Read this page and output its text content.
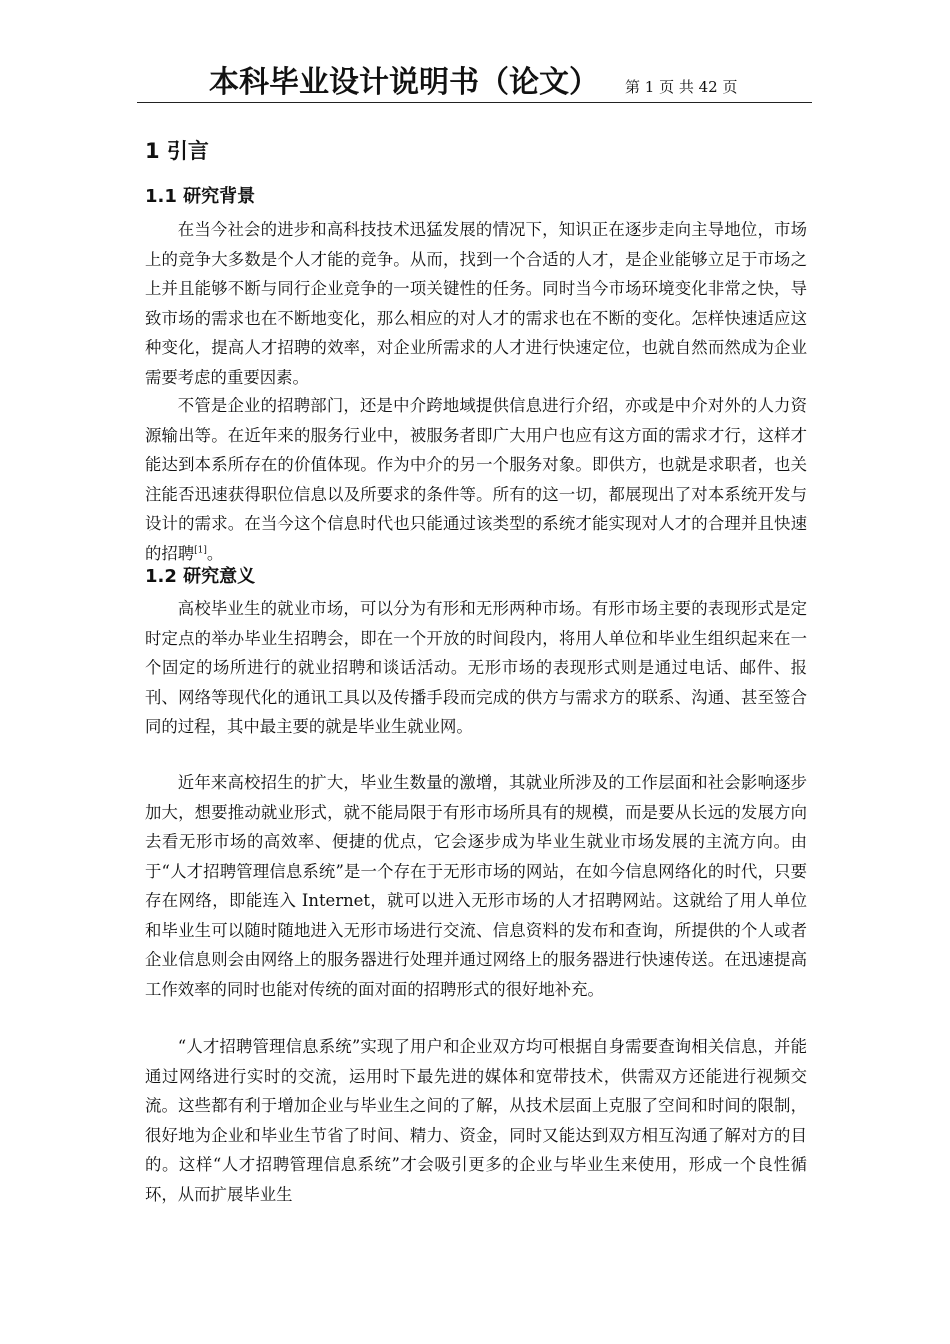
本科毕业设计说明书（论文） 第 1 页 共 42 页
1 引言
1.1 研究背景

在当今社会的进步和高科技技术迅猛发展的情况下，知识正在逐步走向主导地位，市场上的竞争大多数是个人才能的竞争。从而，找到一个合适的人才，是企业能够立足于市场之上并且能够不断与同行企业竞争的一项关键性的任务。同时当今市场环境变化非常之快，导致市场的需求也在不断地变化，那么相应的对人才的需求也在不断的变化。怎样快速适应这种变化，提高人才招聘的效率，对企业所需求的人才进行快速定位，也就自然而然成为企业需要考虑的重要因素。

不管是企业的招聘部门，还是中介跨地域提供信息进行介绍，亦或是中介对外的人力资源输出等。在近年来的服务行业中，被服务者即广大用户也应有这方面的需求才行，这样才能达到本系所存在的价值体现。作为中介的另一个服务对象。即供方，也就是求职者，也关注能否迅速获得职位信息以及所要求的条件等。所有的这一切，都展现出了对本系统开发与设计的需求。在当今这个信息时代也只能通过该类型的系统才能实现对人才的合理并且快速的招聘[1]。

1.2 研究意义

高校毕业生的就业市场，可以分为有形和无形两种市场。有形市场主要的表现形式是定时定点的举办毕业生招聘会，即在一个开放的时间段内，将用人单位和毕业生组织起来在一个固定的场所进行的就业招聘和谈话活动。无形市场的表现形式则是通过电话、邮件、报刊、网络等现代化的通讯工具以及传播手段而完成的供方与需求方的联系、沟通、甚至签合同的过程，其中最主要的就是毕业生就业网。

近年来高校招生的扩大，毕业生数量的激增，其就业所涉及的工作层面和社会影响逐步加大，想要推动就业形式，就不能局限于有形市场所具有的规模，而是要从长远的发展方向去看无形市场的高效率、便捷的优点，它会逐步成为毕业生就业市场发展的主流方向。由于“人才招聘管理信息系统”是一个存在于无形市场的网站，在如今信息网络化的时代，只要存在网络，即能连入 Internet，就可以进入无形市场的人才招聘网站。这就给了用人单位和毕业生可以随时随地进入无形市场进行交流、信息资料的发布和查询，所提供的个人或者企业信息则会由网络上的服务器进行处理并通过网络上的服务器进行快速传送。在迅速提高工作效率的同时也能对传统的面对面的招聘形式的很好地补充。

“人才招聘管理信息系统”实现了用户和企业双方均可根据自身需要查询相关信息，并能通过网络进行实时的交流，运用时下最先进的媒体和宽带技术，供需双方还能进行视频交流。这些都有利于增加企业与毕业生之间的了解，从技术层面上克服了空间和时间的限制，很好地为企业和毕业生节省了时间、精力、资金，同时又能达到双方相互沟通了解对方的目的。这样“人才招聘管理信息系统”才会吸引更多的企业与毕业生来使用，形成一个良性循环，从而扩展毕业生
